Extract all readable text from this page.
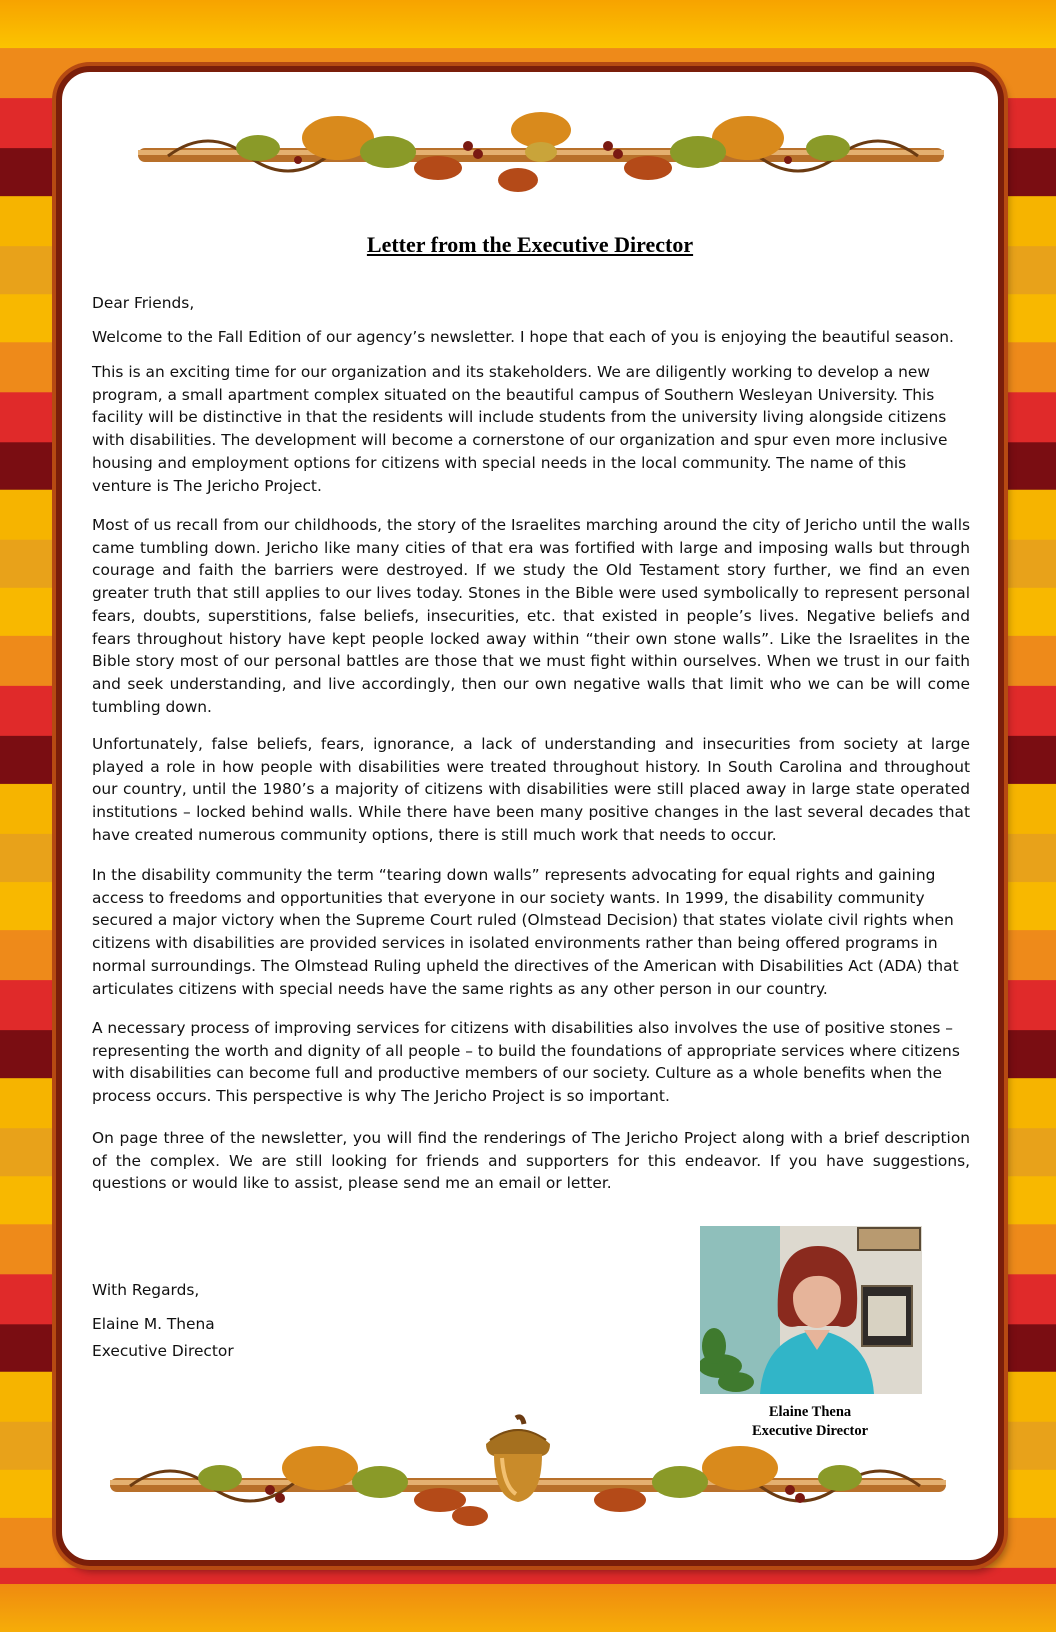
Letter from the Executive Director
Dear Friends,

Welcome to the Fall Edition of our agency’s newsletter. I hope that each of you is enjoying the beautiful season.

This is an exciting time for our organization and its stakeholders. We are diligently working to develop a new program, a small apartment complex situated on the beautiful campus of Southern Wesleyan University. This facility will be distinctive in that the residents will include students from the university living alongside citizens with disabilities. The development will become a cornerstone of our organization and spur even more inclusive housing and employment options for citizens with special needs in the local community. The name of this venture is The Jericho Project.

Most of us recall from our childhoods, the story of the Israelites marching around the city of Jericho until the walls came tumbling down. Jericho like many cities of that era was fortified with large and imposing walls but through courage and faith the barriers were destroyed. If we study the Old Testament story further, we find an even greater truth that still applies to our lives today. Stones in the Bible were used symbolically to represent personal fears, doubts, superstitions, false beliefs, insecurities, etc. that existed in people’s lives. Negative beliefs and fears throughout history have kept people locked away within “their own stone walls”. Like the Israelites in the Bible story most of our personal battles are those that we must fight within ourselves. When we trust in our faith and seek understanding, and live accordingly, then our own negative walls that limit who we can be will come tumbling down.

Unfortunately, false beliefs, fears, ignorance, a lack of understanding and insecurities from society at large played a role in how people with disabilities were treated throughout history. In South Carolina and throughout our country, until the 1980’s a majority of citizens with disabilities were still placed away in large state operated institutions – locked behind walls. While there have been many positive changes in the last several decades that have created numerous community options, there is still much work that needs to occur.

In the disability community the term “tearing down walls” represents advocating for equal rights and gaining access to freedoms and opportunities that everyone in our society wants. In 1999, the disability community secured a major victory when the Supreme Court ruled (Olmstead Decision) that states violate civil rights when citizens with disabilities are provided services in isolated environments rather than being offered programs in normal surroundings. The Olmstead Ruling upheld the directives of the American with Disabilities Act (ADA) that articulates citizens with special needs have the same rights as any other person in our country.

A necessary process of improving services for citizens with disabilities also involves the use of positive stones – representing the worth and dignity of all people – to build the foundations of appropriate services where citizens with disabilities can become full and productive members of our society. Culture as a whole benefits when the process occurs. This perspective is why The Jericho Project is so important.

On page three of the newsletter, you will find the renderings of The Jericho Project along with a brief description of the complex. We are still looking for friends and supporters for this endeavor. If you have suggestions, questions or would like to assist, please send me an email or letter.

With Regards,
Elaine M. Thena
Executive Director
Elaine Thena
Executive Director
